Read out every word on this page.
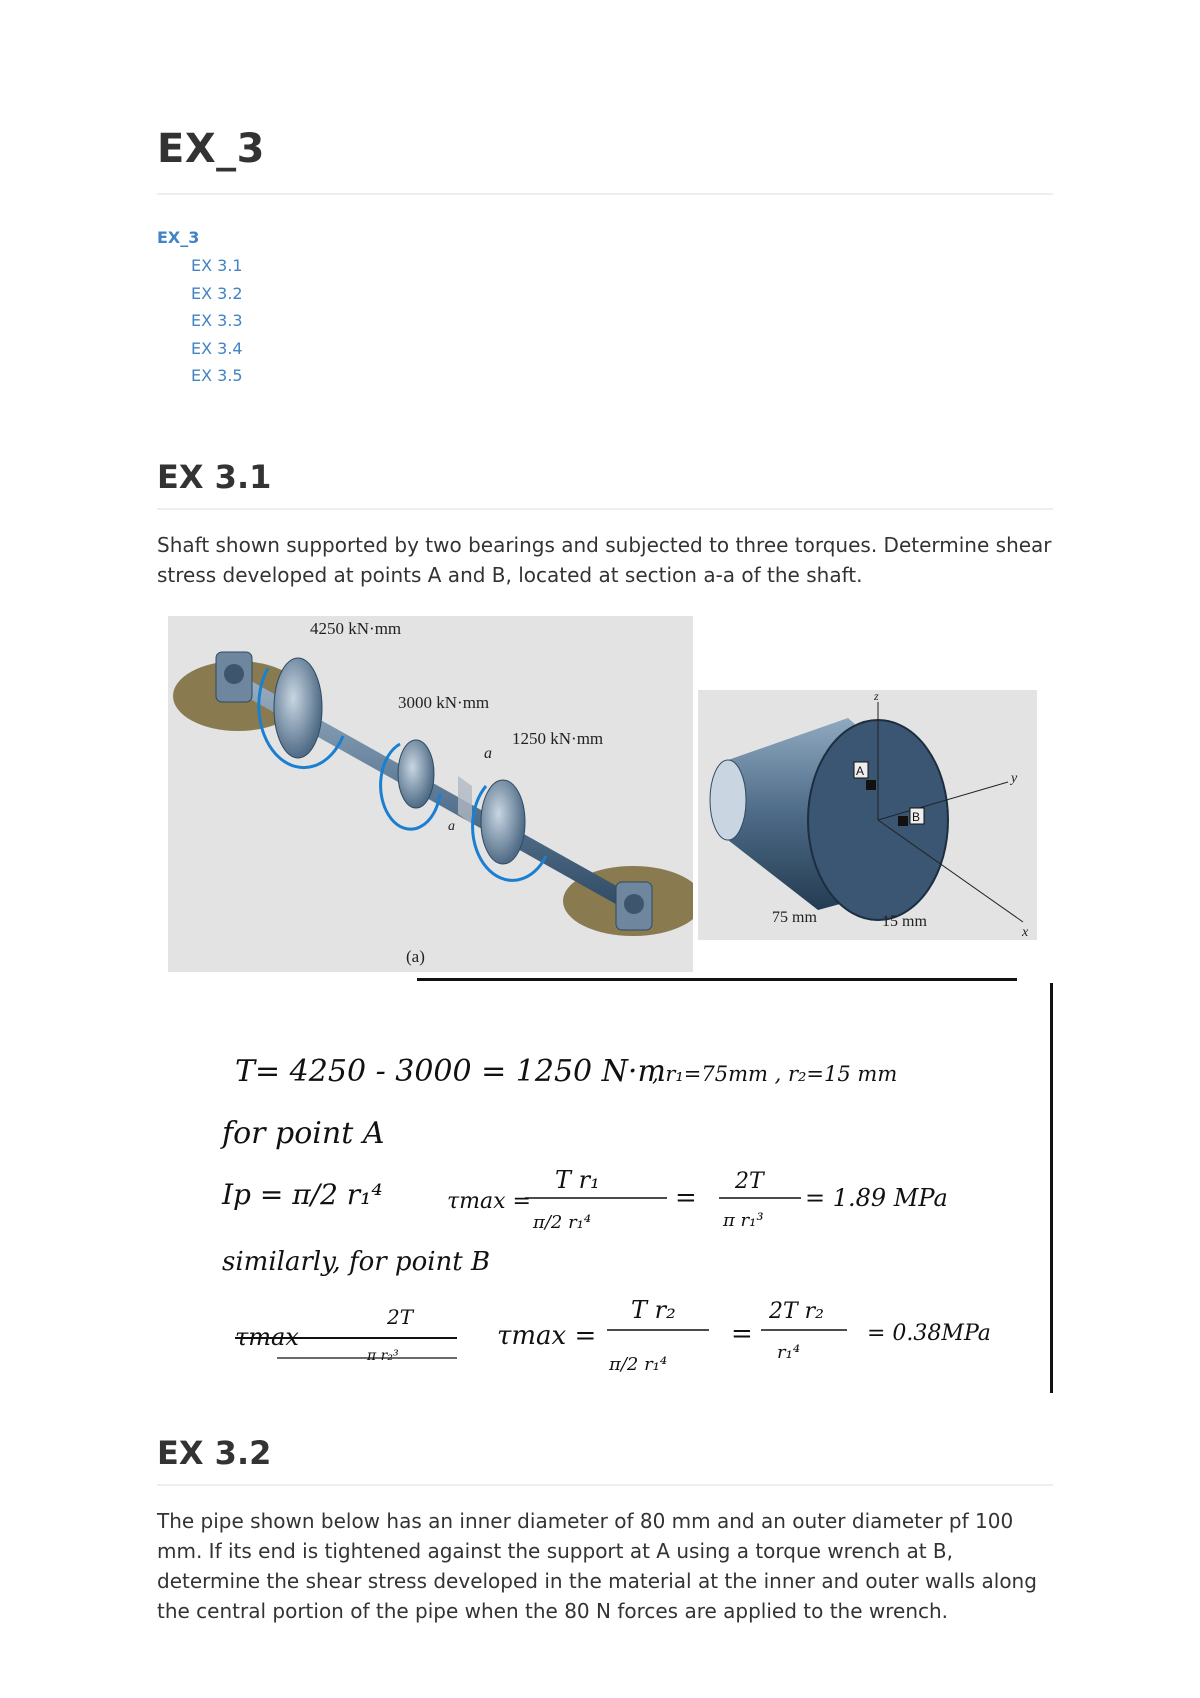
EX_3
EX_3
EX 3.1
EX 3.2
EX 3.3
EX 3.4
EX 3.5
EX 3.1

Shaft shown supported by two bearings and subjected to three torques. Determine shear stress developed at points A and B, located at section a-a of the shaft.

4250 kN·mm
3000 kN·mm
1250 kN·mm
a
a
(a)
z
y
x
A
B
75 mm	15 mm
T= 4250 - 3000 = 1250 N·m
, r₁=75mm , r₂=15 mm
for point A
Ip = π/2 r₁⁴	τmax =
T r₁
π/2 r₁⁴
=
2T
π r₁³
= 1.89 MPa
similarly, for point B
τmax
2T
π r₂³
τmax =
T r₂
π/2 r₁⁴
=
2T r₂
r₁⁴
= 0.38MPa
EX 3.2

The pipe shown below has an inner diameter of 80 mm and an outer diameter pf 100 mm. If its end is tightened against the support at A using a torque wrench at B, determine the shear stress developed in the material at the inner and outer walls along the central portion of the pipe when the 80 N forces are applied to the wrench.
